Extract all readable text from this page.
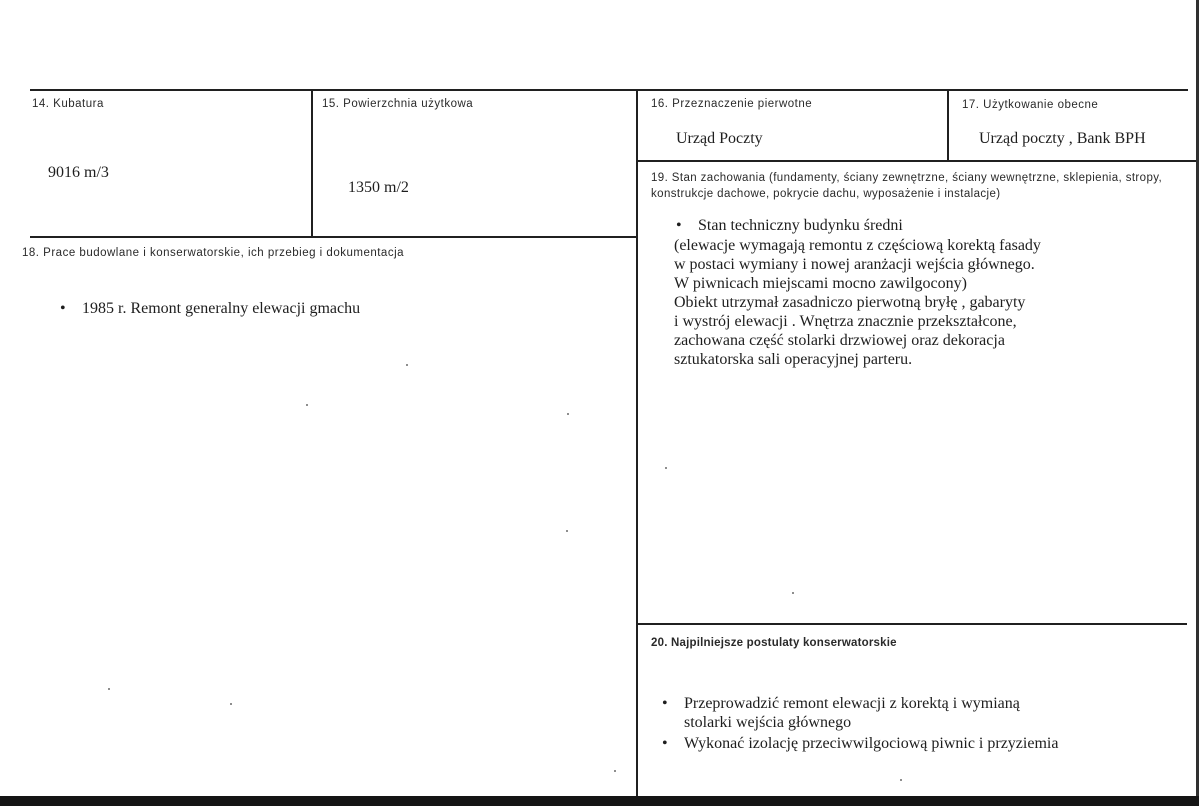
14. Kubatura
9016 m/3
15. Powierzchnia użytkowa
1350 m/2
16. Przeznaczenie pierwotne
Urząd Poczty
17. Użytkowanie obecne
Urząd poczty , Bank BPH
18. Prace budowlane i konserwatorskie, ich przebieg i dokumentacja
• 1985 r. Remont generalny elewacji gmachu
19. Stan zachowania (fundamenty, ściany zewnętrzne, ściany wewnętrzne, sklepienia, stropy, konstrukcje dachowe, pokrycie dachu, wyposażenie i instalacje)
• Stan techniczny budynku średni
(elewacje wymagają remontu z częściową korektą fasady
w postaci wymiany i nowej aranżacji wejścia głównego.
W piwnicach miejscami mocno zawilgocony)
Obiekt utrzymał zasadniczo pierwotną bryłę , gabaryty
i wystrój elewacji . Wnętrza znacznie przekształcone,
zachowana część stolarki drzwiowej oraz dekoracja
sztukatorska sali operacyjnej parteru.
20. Najpilniejsze postulaty konserwatorskie
• Przeprowadzić remont elewacji z korektą i wymianą
stolarki wejścia głównego
• Wykonać izolację przeciwwilgociową piwnic i przyziemia
